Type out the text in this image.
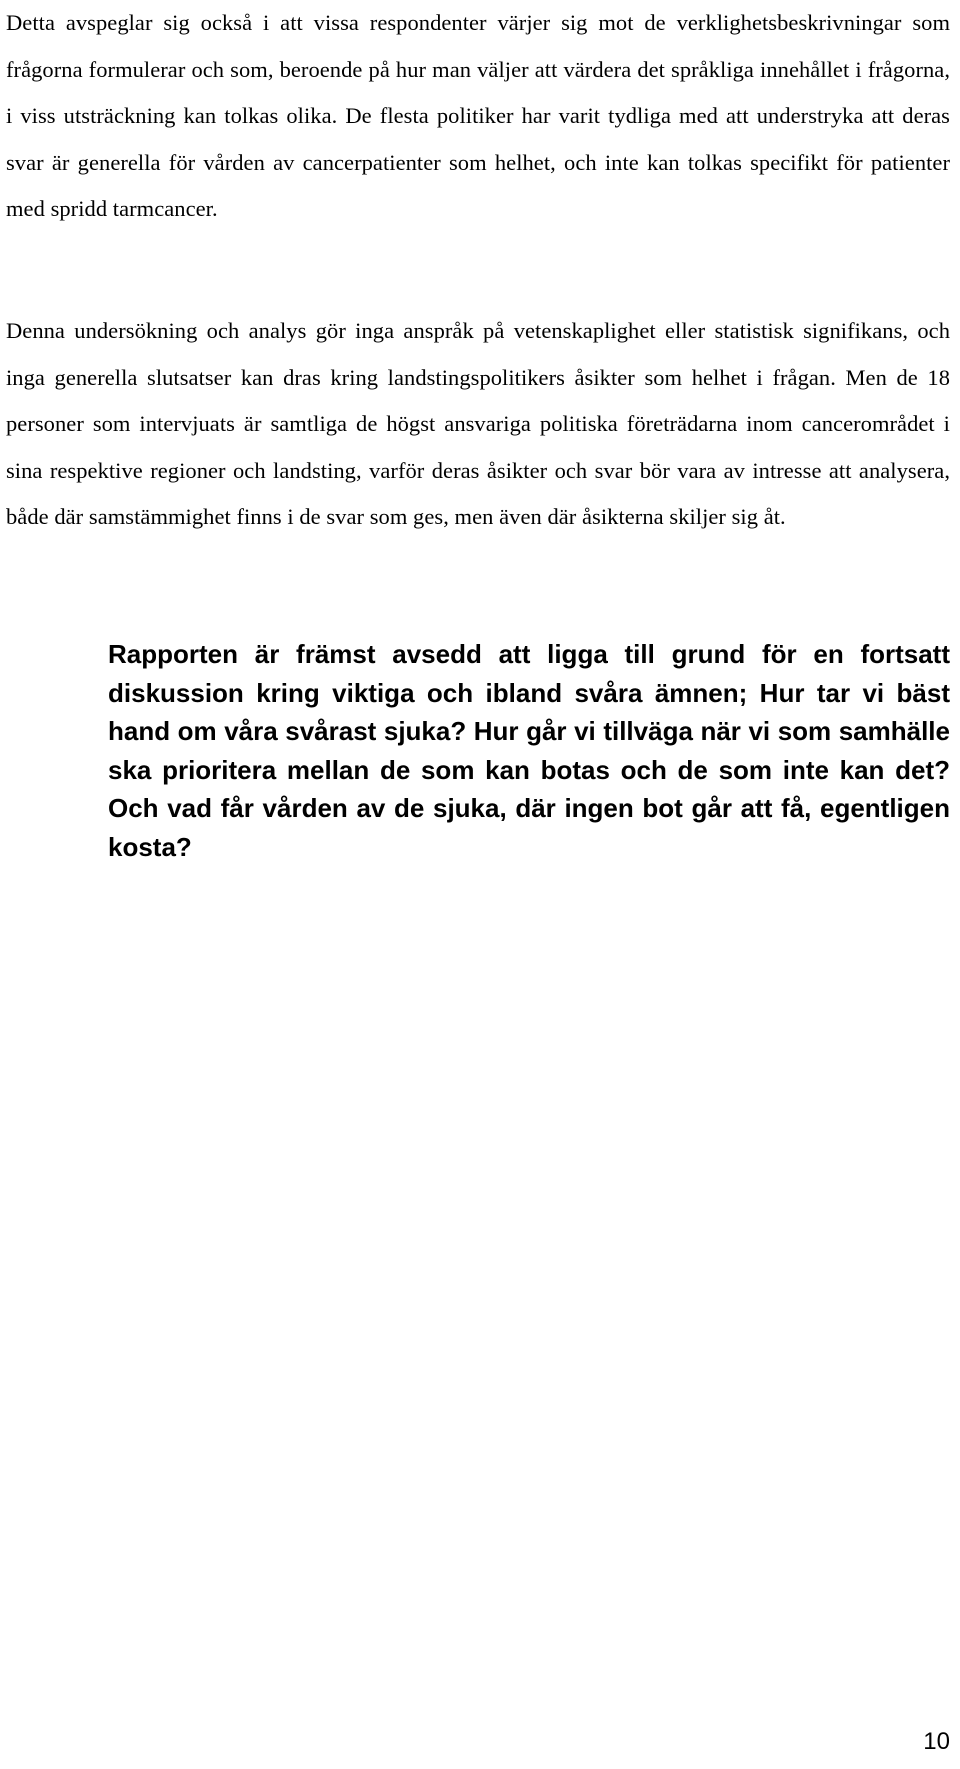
Detta avspeglar sig också i att vissa respondenter värjer sig mot de verklighetsbeskrivningar som frågorna formulerar och som, beroende på hur man väljer att värdera det språkliga innehållet i frågorna, i viss utsträckning kan tolkas olika. De flesta politiker har varit tydliga med att understryka att deras svar är generella för vården av cancerpatienter som helhet, och inte kan tolkas specifikt för patienter med spridd tarmcancer.

Denna undersökning och analys gör inga anspråk på vetenskaplighet eller statistisk signifikans, och inga generella slutsatser kan dras kring landstingspolitikers åsikter som helhet i frågan. Men de 18 personer som intervjuats är samtliga de högst ansvariga politiska företrädarna inom cancerområdet i sina respektive regioner och landsting, varför deras åsikter och svar bör vara av intresse att analysera, både där samstämmighet finns i de svar som ges, men även där åsikterna skiljer sig åt.

Rapporten är främst avsedd att ligga till grund för en fortsatt diskussion kring viktiga och ibland svåra ämnen; Hur tar vi bäst hand om våra svårast sjuka? Hur går vi tillväga när vi som samhälle ska prioritera mellan de som kan botas och de som inte kan det? Och vad får vården av de sjuka, där ingen bot går att få, egentligen kosta?

10
